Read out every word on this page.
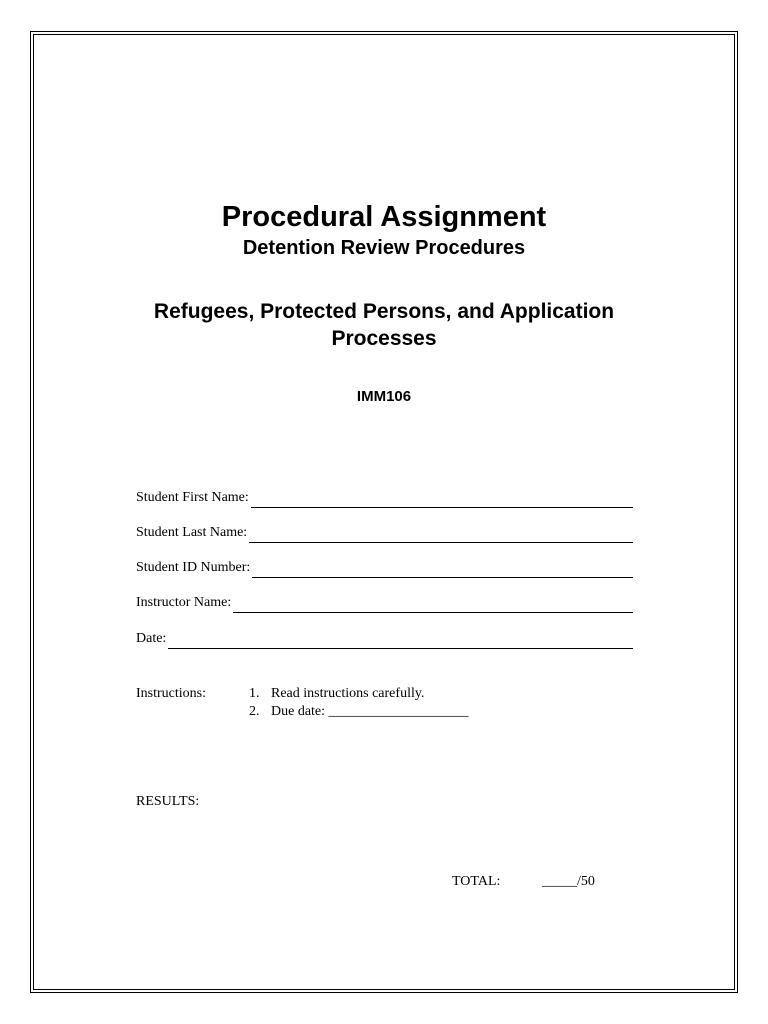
Procedural Assignment
Detention Review Procedures
Refugees, Protected Persons, and Application Processes
IMM106
Student First Name:
Student Last Name:
Student ID Number:
Instructor Name:
Date:
Instructions:	1. Read instructions carefully.
2. Due date: ____________________
RESULTS:
TOTAL:	_____/50
